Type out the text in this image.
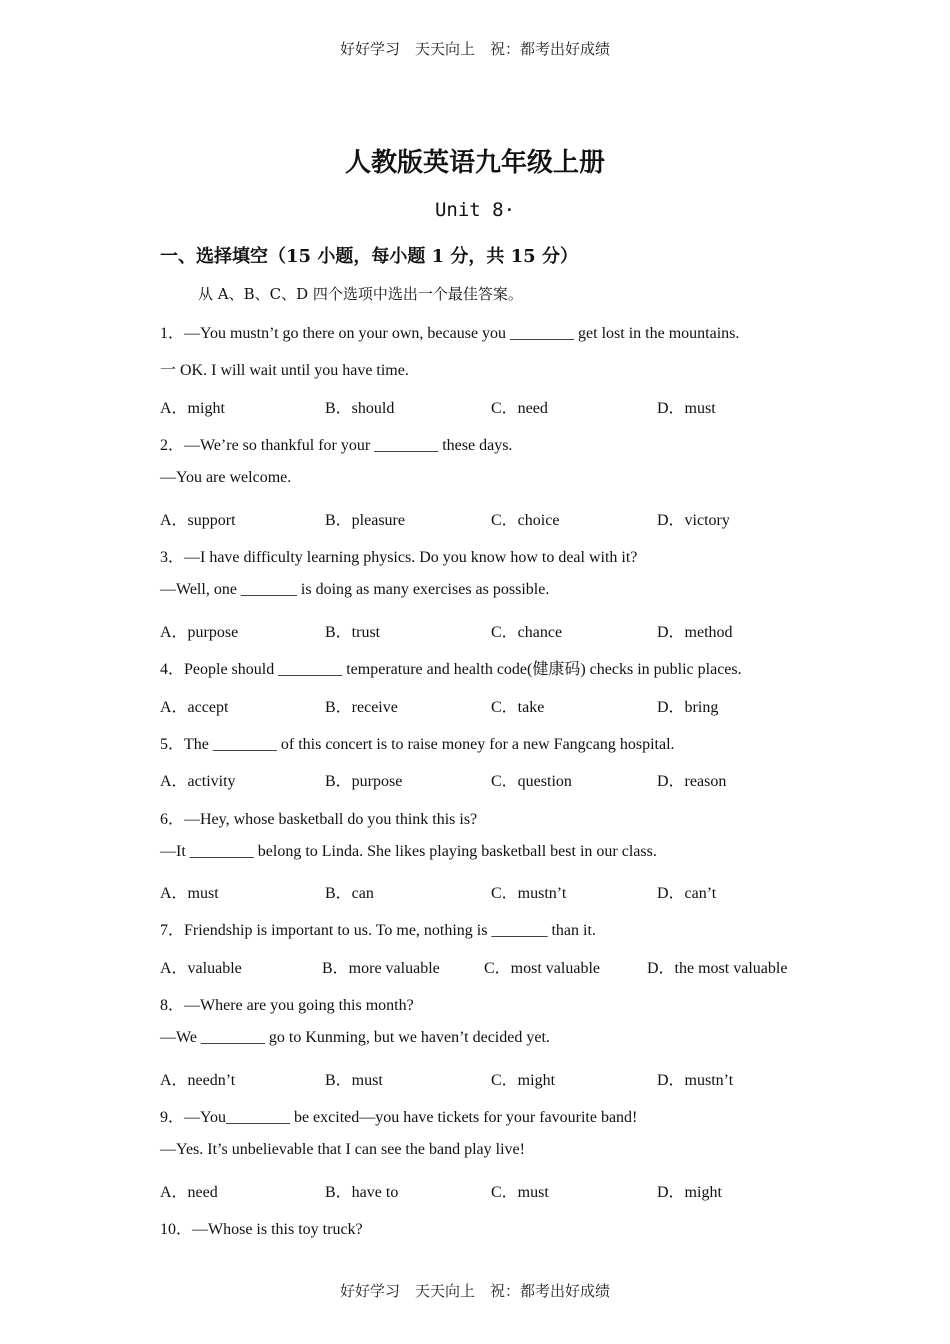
好好学习　天天向上　祝：都考出好成绩
人教版英语九年级上册
Unit 8·
一、选择填空（15 小题，每小题 1 分，共 15 分）
从 A、B、C、D 四个选项中选出一个最佳答案。
1．—You mustn’t go there on your own, because you ________ get lost in the mountains.
一 OK. I will wait until you have time.
A．might	B．should	C．need	D．must
2．—We’re so thankful for your ________ these days.
—You are welcome.
A．support	B．pleasure	C．choice	D．victory
3．—I have difficulty learning physics. Do you know how to deal with it?
—Well, one _______ is doing as many exercises as possible.
A．purpose	B．trust	C．chance	D．method
4．People should ________ temperature and health code(健康码) checks in public places.
A．accept	B．receive	C．take	D．bring
5．The ________ of this concert is to raise money for a new Fangcang hospital.
A．activity	B．purpose	C．question	D．reason
6．—Hey, whose basketball do you think this is?
—It ________ belong to Linda. She likes playing basketball best in our class.
A．must	B．can	C．mustn’t	D．can’t
7．Friendship is important to us. To me, nothing is _______ than it.
A．valuable	B．more valuable	C．most valuable	D．the most valuable
8．—Where are you going this month?
—We ________ go to Kunming, but we haven’t decided yet.
A．needn’t	B．must	C．might	D．mustn’t
9．—You________ be excited—you have tickets for your favourite band!
—Yes. It’s unbelievable that I can see the band play live!
A．need	B．have to	C．must	D．might
10．—Whose is this toy truck?
好好学习　天天向上　祝：都考出好成绩
